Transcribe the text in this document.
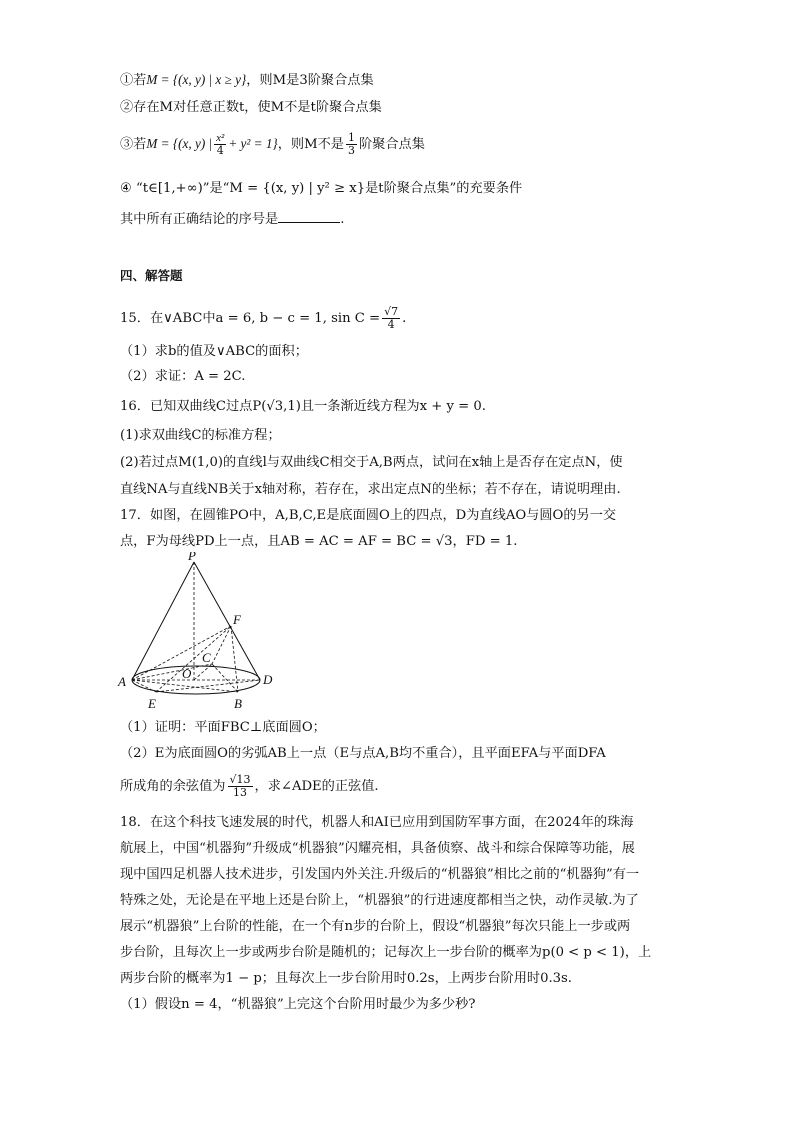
①若M = {(x, y) | x ≥ y}，则M是3阶聚合点集
②存在M对任意正数t，使M不是t阶聚合点集
③若M = {(x, y) | $\frac{\text{x²}}{4} + y^2 = 1$}，则M不是 $\frac{1}{3}$ 阶聚合点集
④ “t∈[1,+∞)”是“M = {(x, y) | y² ≥ x}是t阶聚合点集”的充要条件
其中所有正确结论的序号是	.
四、解答题
15．在∨ABC中a = 6, b − c = 1, $\sin C = \frac{√7}{4}$ .
（1）求b的值及∨ABC的面积；
（2）求证：A = 2C.
16．已知双曲线C过点P(√3,1)且一条渐近线方程为x + y = 0.
(1)求双曲线C的标准方程；
(2)若过点M(1,0)的直线l与双曲线C相交于A,B两点，试问在x轴上是否存在定点N，使
直线NA与直线NB关于x轴对称，若存在，求出定点N的坐标；若不存在，请说明理由.
17．如图，在圆锥PO中，A,B,C,E是底面圆O上的四点，D为直线AO与圆O的另一交
点，F为母线PD上一点，且AB = AC = AF = BC = √3，FD = 1.
P
F
C
O
A	D
E	B
（1）证明：平面FBC⊥底面圆O；
（2）E为底面圆O的劣弧AB上一点（E与点A,B均不重合），且平面EFA与平面DFA
所成角的余弦值为 $\frac{√13}{13}$ ，求∠ADE的正弦值.
18．在这个科技飞速发展的时代，机器人和AI已应用到国防军事方面，在2024年的珠海
航展上，中国“机器狗”升级成“机器狼”闪耀亮相，具备侦察、战斗和综合保障等功能，展
现中国四足机器人技术进步，引发国内外关注.升级后的“机器狼”相比之前的“机器狗”有一
特殊之处，无论是在平地上还是台阶上，“机器狼”的行进速度都相当之快，动作灵敏.为了
展示“机器狼”上台阶的性能，在一个有n步的台阶上，假设“机器狼”每次只能上一步或两
步台阶，且每次上一步或两步台阶是随机的；记每次上一步台阶的概率为p(0 < p < 1)，上
两步台阶的概率为1 − p；且每次上一步台阶用时0.2s，上两步台阶用时0.3s.
（1）假设n = 4，“机器狼”上完这个台阶用时最少为多少秒?
